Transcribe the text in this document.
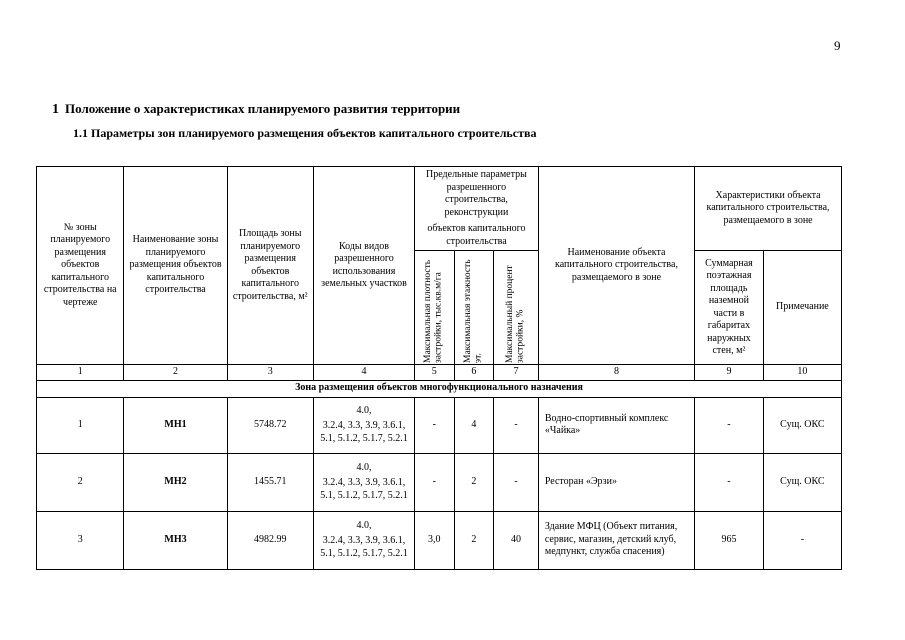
9
1 Положение о характеристиках планируемого развития территории
1.1 Параметры зон планируемого размещения объектов капитального строительства
№ зоны планируемого размещения объектов капитального строительства на чертеже	Наименование зоны планируемого размещения объектов капитального строительства	Площадь зоны планируемого размещения объектов капитального строительства, м²	Коды видов разрешенного использования земельных участков	Предельные параметры разрешенного строительства, реконструкции
объектов капитального строительства			Наименование объекта капитального строительства, размещаемого в зоне	Характеристики объекта капитального строительства, размещаемого в зоне	

				Максимальная плотность застройки, тыс.кв.м/га	Максимальная этажность эт.	Максимальный процент застройки, %		Суммарная поэтажная площадь наземной части в габаритах наружных стен, м²	Примечание
1	2	3	4	5	6	7	8	9	10
Зона размещения объектов многофункционального назначения									
1	МН1	5748.72	4.0,
3.2.4, 3.3, 3.9, 3.6.1, 5.1, 5.1.2, 5.1.7, 5.2.1	-	4	-	Водно-спортивный комплекс «Чайка»	-	Сущ. ОКС
2	МН2	1455.71	4.0,
3.2.4, 3.3, 3.9, 3.6.1, 5.1, 5.1.2, 5.1.7, 5.2.1	-	2	-	Ресторан «Эрзи»	-	Сущ. ОКС
3	МН3	4982.99	4.0,
3.2.4, 3.3, 3.9, 3.6.1, 5.1, 5.1.2, 5.1.7, 5.2.1	3,0	2	40	Здание МФЦ (Объект питания, сервис, магазин, детский клуб, медпункт, служба спасения)	965	-
